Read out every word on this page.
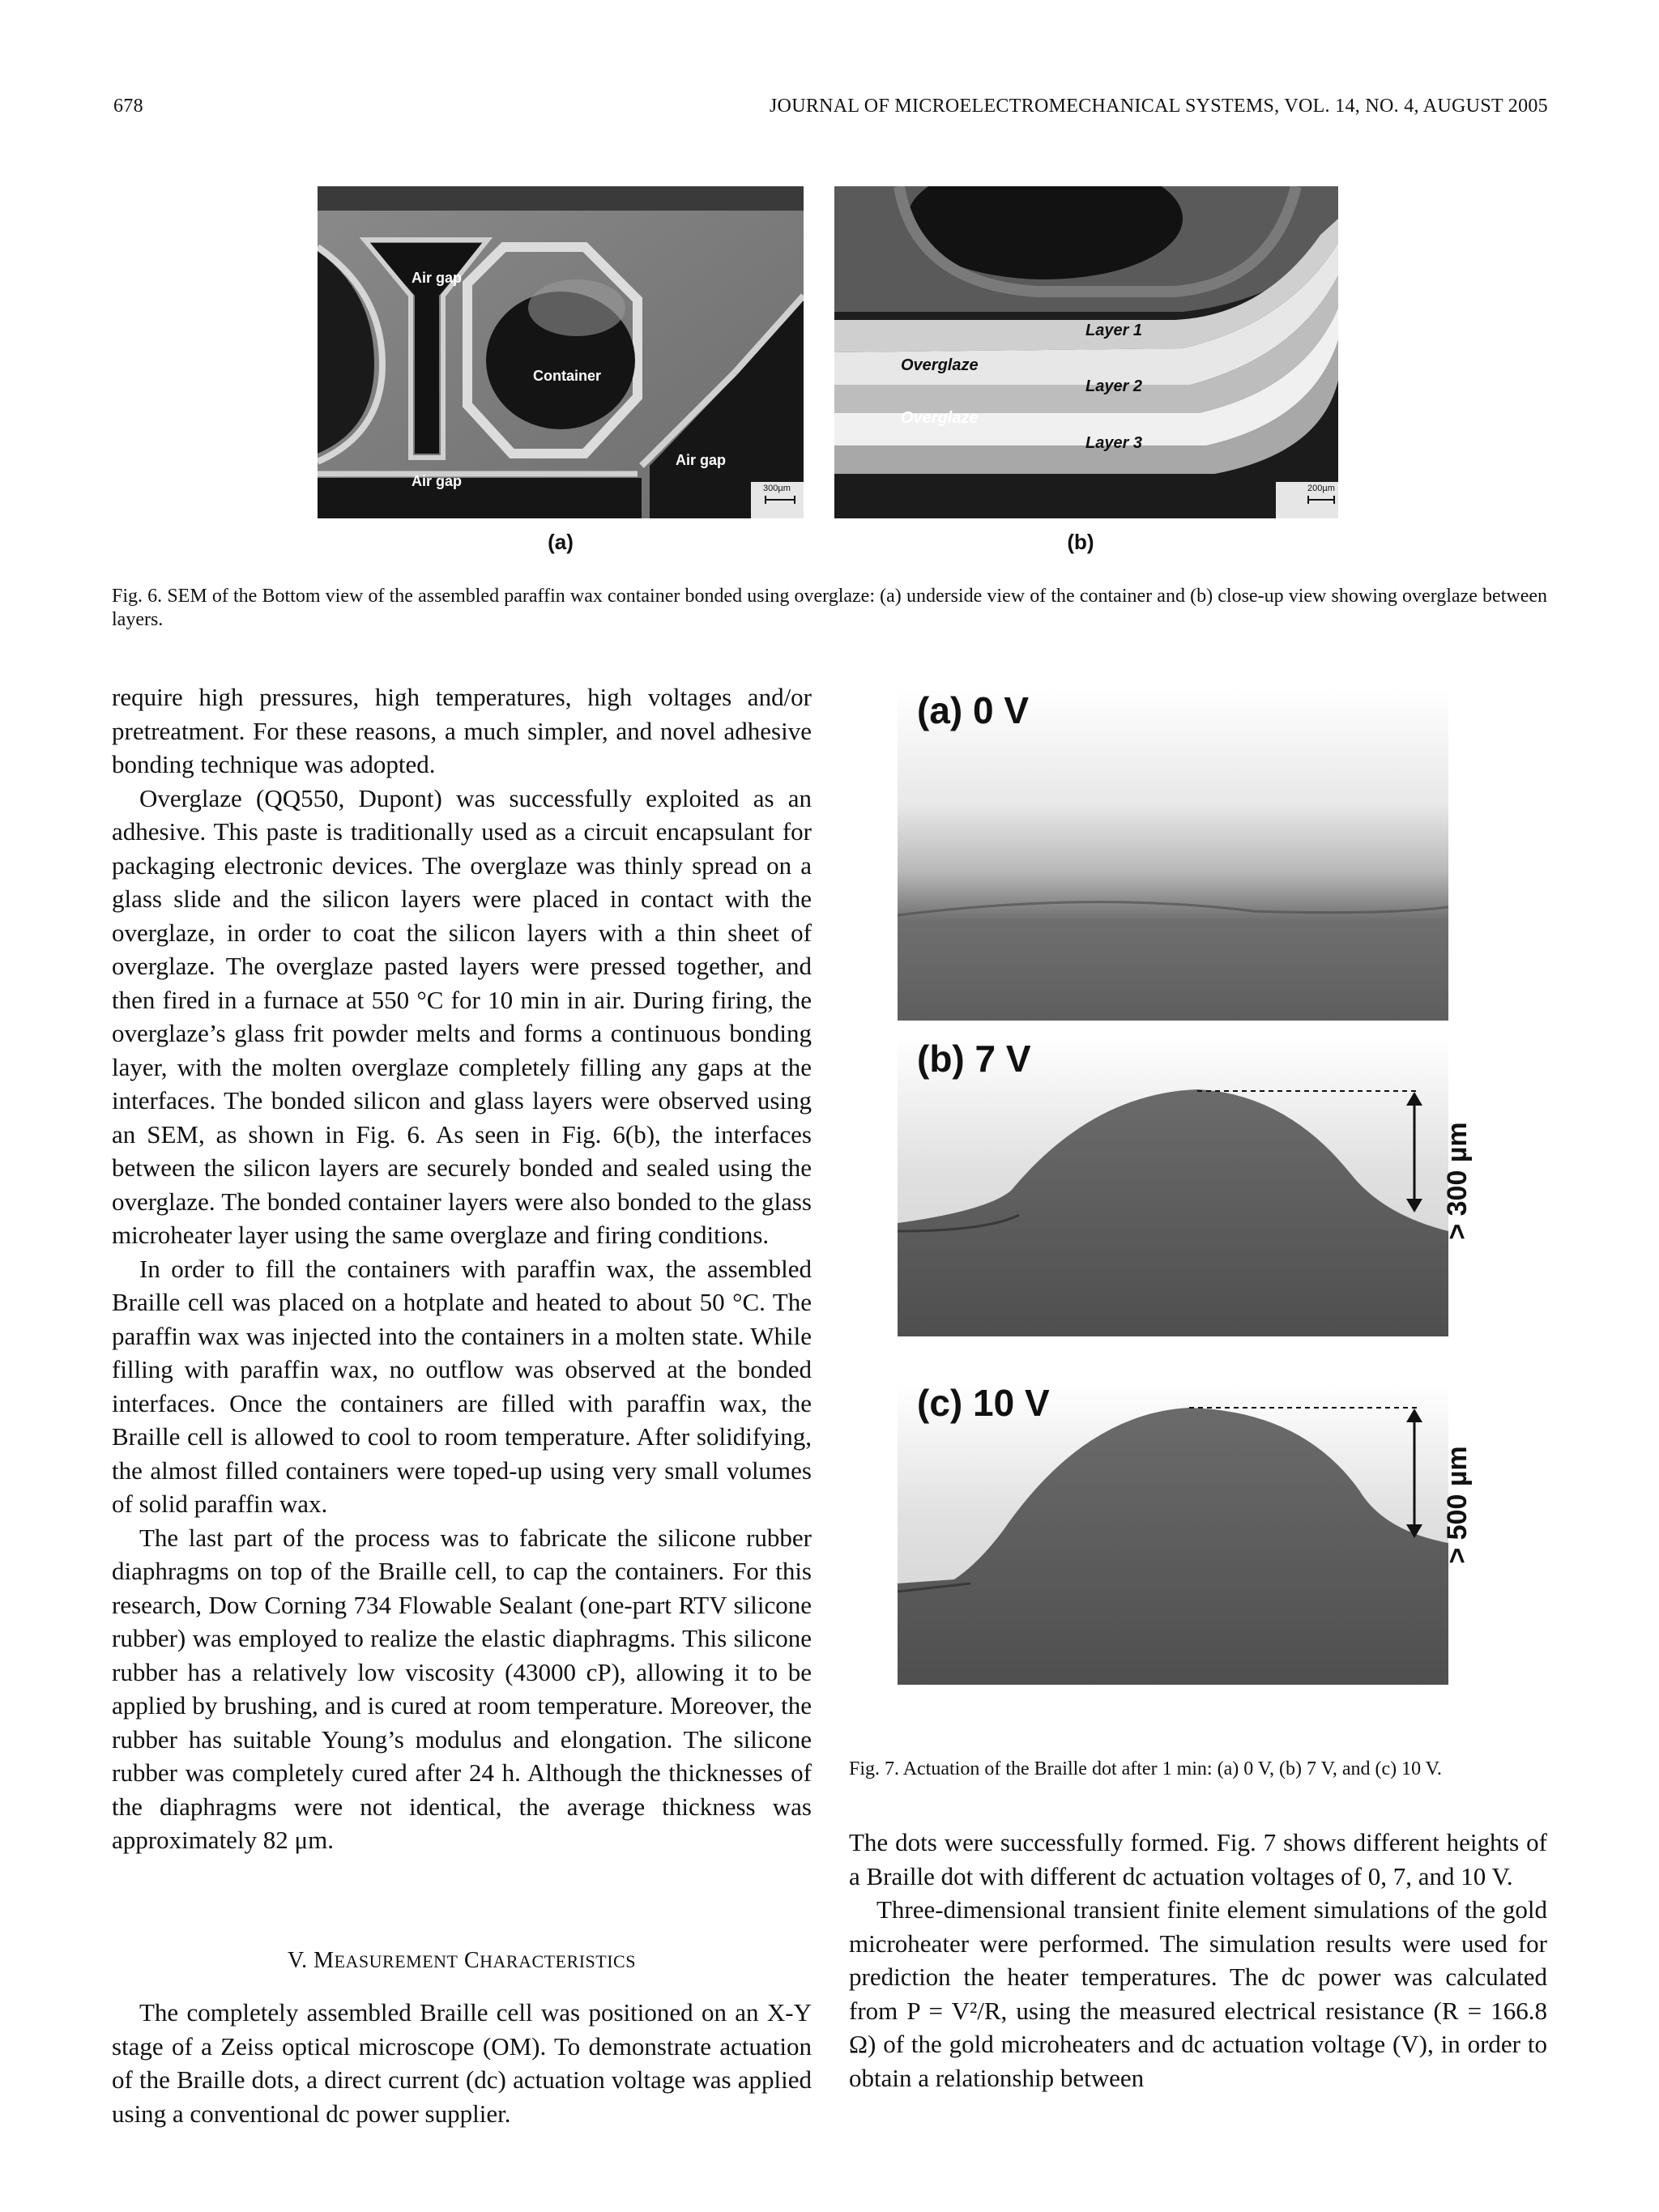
678	JOURNAL OF MICROELECTROMECHANICAL SYSTEMS, VOL. 14, NO. 4, AUGUST 2005
Air gap
Container
Air gap
Air gap	300µm
(a)
Layer 1
Overglaze
Layer 2
Overglaze
Layer 3
200µm
(b)
Fig. 6. SEM of the Bottom view of the assembled paraffin wax container bonded using overglaze: (a) underside view of the container and (b) close-up view showing overglaze between layers.

require high pressures, high temperatures, high voltages and/or pretreatment. For these reasons, a much simpler, and novel adhesive bonding technique was adopted.

Overglaze (QQ550, Dupont) was successfully exploited as an adhesive. This paste is traditionally used as a circuit encapsulant for packaging electronic devices. The overglaze was thinly spread on a glass slide and the silicon layers were placed in contact with the overglaze, in order to coat the silicon layers with a thin sheet of overglaze. The overglaze pasted layers were pressed together, and then fired in a furnace at 550 °C for 10 min in air. During firing, the overglaze’s glass frit powder melts and forms a continuous bonding layer, with the molten overglaze completely filling any gaps at the interfaces. The bonded silicon and glass layers were observed using an SEM, as shown in Fig. 6. As seen in Fig. 6(b), the interfaces between the silicon layers are securely bonded and sealed using the overglaze. The bonded container layers were also bonded to the glass microheater layer using the same overglaze and firing conditions.

In order to fill the containers with paraffin wax, the assembled Braille cell was placed on a hotplate and heated to about 50 °C. The paraffin wax was injected into the containers in a molten state. While filling with paraffin wax, no outflow was observed at the bonded interfaces. Once the containers are filled with paraffin wax, the Braille cell is allowed to cool to room temperature. After solidifying, the almost filled containers were toped-up using very small volumes of solid paraffin wax.

The last part of the process was to fabricate the silicone rubber diaphragms on top of the Braille cell, to cap the containers. For this research, Dow Corning 734 Flowable Sealant (one-part RTV silicone rubber) was employed to realize the elastic diaphragms. This silicone rubber has a relatively low viscosity (43000 cP), allowing it to be applied by brushing, and is cured at room temperature. Moreover, the rubber has suitable Young’s modulus and elongation. The silicone rubber was completely cured after 24 h. Although the thicknesses of the diaphragms were not identical, the average thickness was approximately 82 μm.

V. MEASUREMENT CHARACTERISTICS

The completely assembled Braille cell was positioned on an X-Y stage of a Zeiss optical microscope (OM). To demonstrate actuation of the Braille dots, a direct current (dc) actuation voltage was applied using a conventional dc power supplier.

(a) 0 V
(b) 7 V
(c) 10 V
> 300 µm
> 500 µm
Fig. 7. Actuation of the Braille dot after 1 min: (a) 0 V, (b) 7 V, and (c) 10 V.

The dots were successfully formed. Fig. 7 shows different heights of a Braille dot with different dc actuation voltages of 0, 7, and 10 V.

Three-dimensional transient finite element simulations of the gold microheater were performed. The simulation results were used for prediction the heater temperatures. The dc power was calculated from P = V²/R, using the measured electrical resistance (R = 166.8 Ω) of the gold microheaters and dc actuation voltage (V), in order to obtain a relationship between
